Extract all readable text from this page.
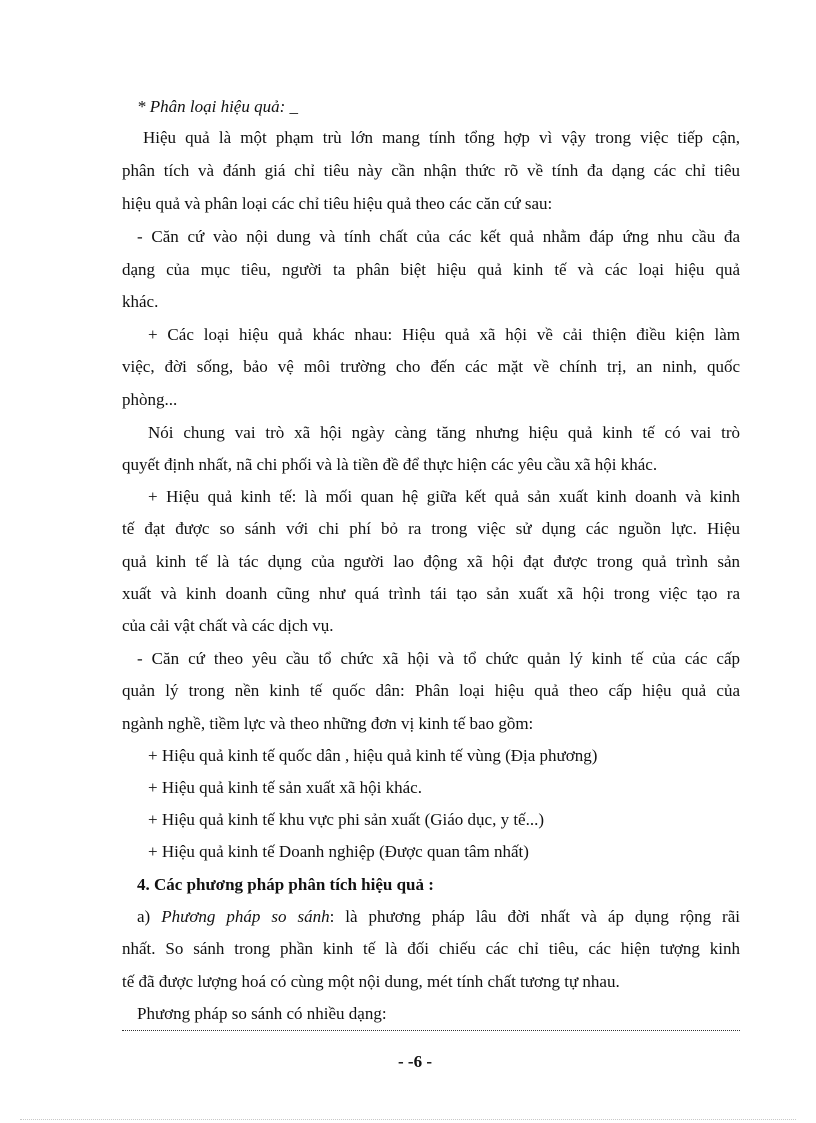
* Phân loại hiệu quả: _
Hiệu quả là một phạm trù lớn mang tính tổng hợp vì vậy trong việc tiếp cận,
phân tích và đánh giá chỉ tiêu này cần nhận thức rõ về tính đa dạng các chỉ tiêu
hiệu quả và phân loại các chỉ tiêu hiệu quả theo các căn cứ sau:
- Căn cứ vào nội dung và tính chất của các kết quả nhằm đáp ứng nhu cầu đa
dạng của mục tiêu, người ta phân biệt hiệu quả kinh tế và các loại hiệu quả
khác.
+ Các loại hiệu quả khác nhau: Hiệu quả xã hội về cải thiện điều kiện làm
việc, đời sống, bảo vệ môi trường cho đến các mặt về chính trị, an ninh, quốc
phòng...
Nói chung vai trò xã hội ngày càng tăng nhưng hiệu quả kinh tế có vai trò
quyết định nhất, nã chi phối và là tiền đề để thực hiện các yêu cầu xã hội khác.
+ Hiệu quả kinh tế: là mối quan hệ giữa kết quả sản xuất kinh doanh và kinh
tế đạt được so sánh với chi phí bỏ ra trong việc sử dụng các nguồn lực. Hiệu
quả kinh tế là tác dụng của người lao động xã hội đạt được trong quả trình sản
xuất và kinh doanh cũng như quá trình tái tạo sản xuất xã hội trong việc tạo ra
của cải vật chất và các dịch vụ.
- Căn cứ theo yêu cầu tổ chức xã hội và tổ chức quản lý kinh tế của các cấp
quản lý trong nền kinh tế quốc dân: Phân loại hiệu quả theo cấp hiệu quả của
ngành nghề, tiềm lực và theo những đơn vị kinh tế bao gồm:
+ Hiệu quả kinh tế quốc dân , hiệu quả kinh tế vùng (Địa phương)
+ Hiệu quả kinh tế sản xuất xã hội khác.
+ Hiệu quả kinh tế khu vực phi sản xuất (Giáo dục, y tế...)
+ Hiệu quả kinh tế Doanh nghiệp (Được quan tâm nhất)
4. Các phương pháp phân tích hiệu quả :
a) Phương pháp so sánh: là phương pháp lâu đời nhất và áp dụng rộng rãi
nhất. So sánh trong phần kinh tế là đối chiếu các chỉ tiêu, các hiện tượng kinh
tế đã được lượng hoá có cùng một nội dung, mét tính chất tương tự nhau.
Phương pháp so sánh có nhiều dạng:
- -6 -
